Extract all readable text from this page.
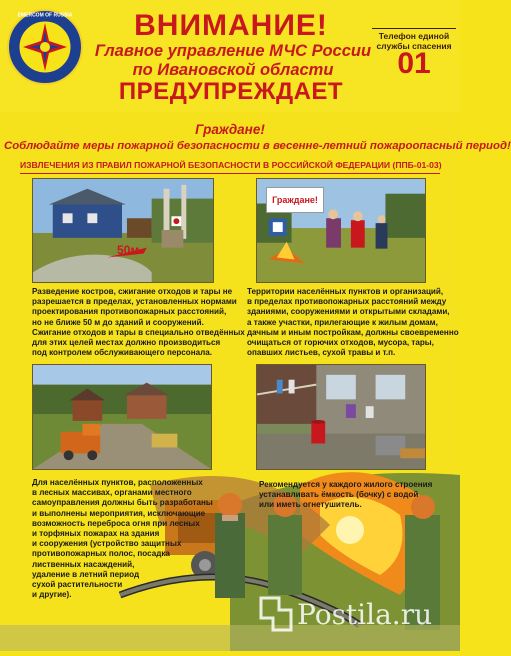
EMERCOM OF RUSSIA	ВНИМАНИЕ!
Главное управление МЧС России
по Ивановской области
ПРЕДУПРЕЖДАЕТ
Телефон единой
службы спасения
01
Граждане!
Соблюдайте меры пожарной безопасности в весенне-летний пожароопасный период!
ИЗВЛЕЧЕНИЯ ИЗ ПРАВИЛ ПОЖАРНОЙ БЕЗОПАСНОСТИ В РОССИЙСКОЙ ФЕДЕРАЦИИ (ППБ-01-03)
50м
Граждане!
Разведение костров, сжигание отходов и тары не
разрешается в пределах, установленных нормами
проектирования противопожарных расстояний,
но не ближе 50 м до зданий и сооружений.
Сжигание отходов и тары в специально отведённых
для этих целей местах должно производиться
под контролем обслуживающего персонала.
Территории населённых пунктов и организаций,
в пределах противопожарных расстояний между
зданиями, сооружениями и открытыми складами,
а также участки, прилегающие к жилым домам,
дачным и иным постройкам, должны своевременно
очищаться от горючих отходов, мусора, тары,
опавших листьев, сухой травы и т.п.
Для населённых пунктов, расположенных
в лесных массивах, органами местного
самоуправления должны быть разработаны
и выполнены мероприятия, исключающие
возможность переброса огня при лесных
и торфяных пожарах на здания
и сооружения (устройство защитных
противопожарных полос, посадка
лиственных насаждений,
удаление в летний период
сухой растительности
и другие).
Рекомендуется у каждого жилого строения
устанавливать ёмкость (бочку) с водой
или иметь огнетушитель.
Postila.ru
